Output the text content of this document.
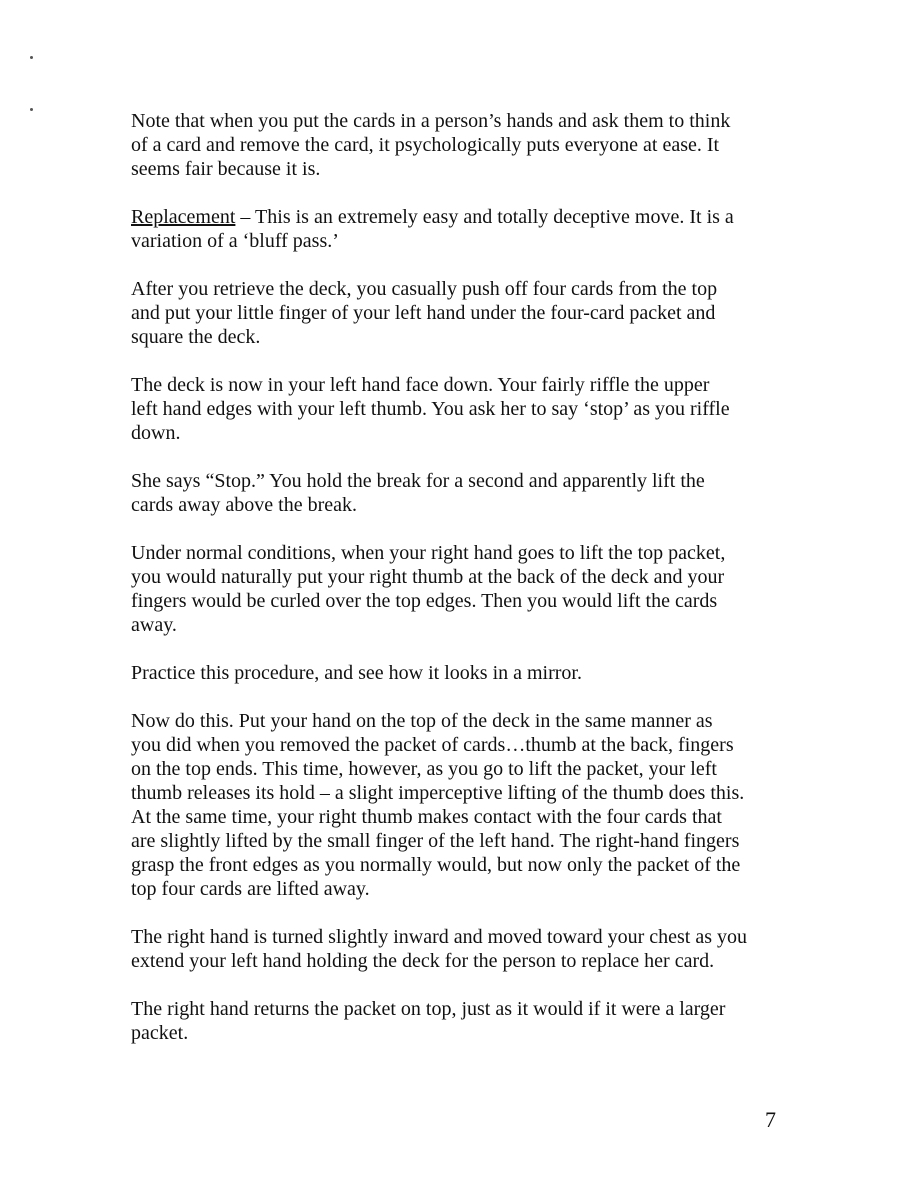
Note that when you put the cards in a person’s hands and ask them to think
of a card and remove the card, it psychologically puts everyone at ease. It
seems fair because it is.

Replacement – This is an extremely easy and totally deceptive move. It is a
variation of a ‘bluff pass.’

After you retrieve the deck, you casually push off four cards from the top
and put your little finger of your left hand under the four-card packet and
square the deck.

The deck is now in your left hand face down. Your fairly riffle the upper
left hand edges with your left thumb. You ask her to say ‘stop’ as you riffle
down.

She says “Stop.” You hold the break for a second and apparently lift the
cards away above the break.

Under normal conditions, when your right hand goes to lift the top packet,
you would naturally put your right thumb at the back of the deck and your
fingers would be curled over the top edges. Then you would lift the cards
away.

Practice this procedure, and see how it looks in a mirror.

Now do this. Put your hand on the top of the deck in the same manner as
you did when you removed the packet of cards…thumb at the back, fingers
on the top ends. This time, however, as you go to lift the packet, your left
thumb releases its hold – a slight imperceptive lifting of the thumb does this.
At the same time, your right thumb makes contact with the four cards that
are slightly lifted by the small finger of the left hand. The right-hand fingers
grasp the front edges as you normally would, but now only the packet of the
top four cards are lifted away.

The right hand is turned slightly inward and moved toward your chest as you
extend your left hand holding the deck for the person to replace her card.

The right hand returns the packet on top, just as it would if it were a larger
packet.

7
